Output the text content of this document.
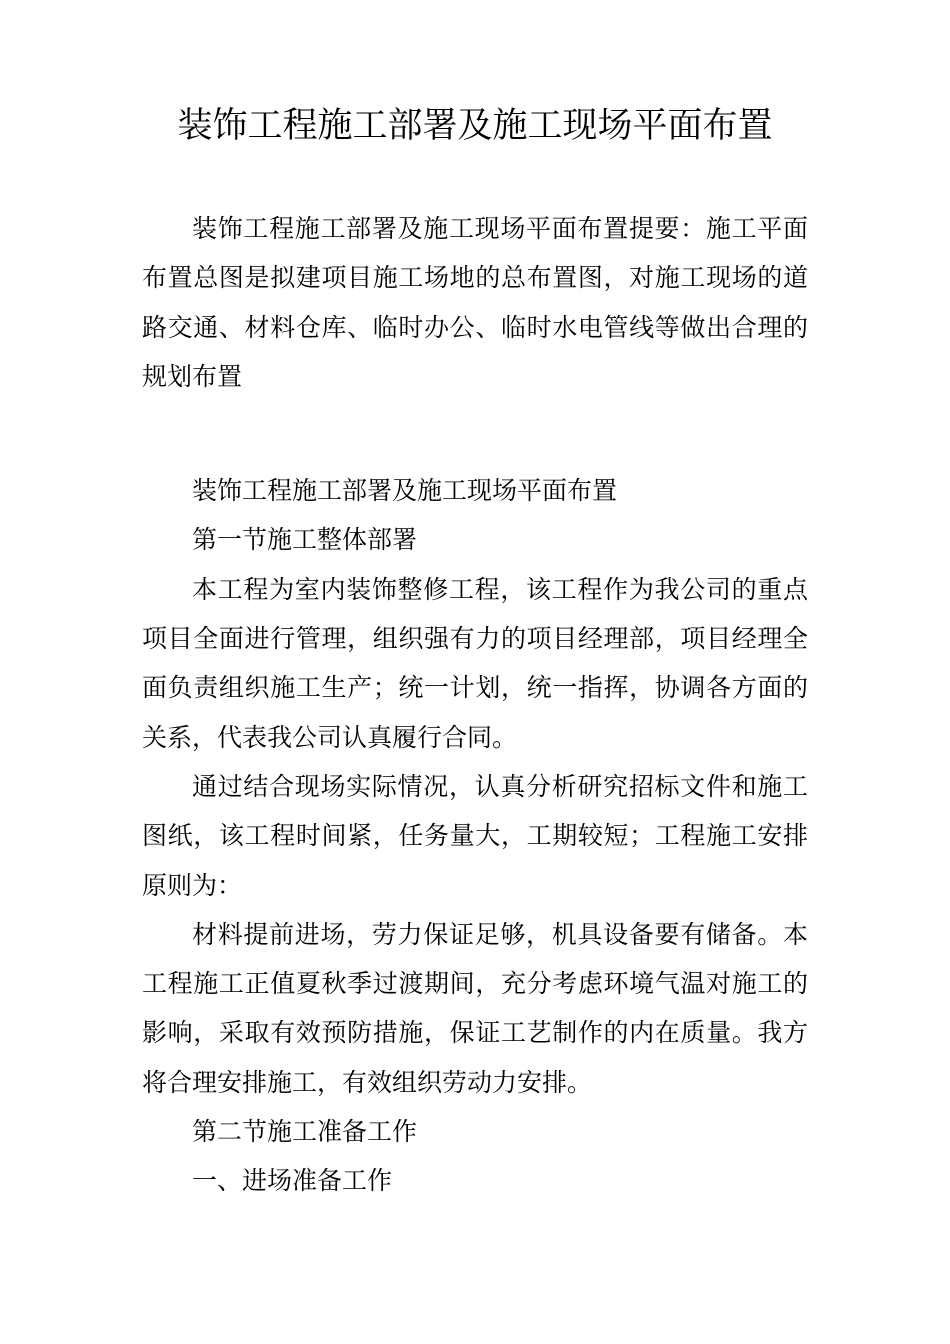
装饰工程施工部署及施工现场平面布置

装饰工程施工部署及施工现场平面布置提要：施工平面布置总图是拟建项目施工场地的总布置图，对施工现场的道路交通、材料仓库、临时办公、临时水电管线等做出合理的规划布置

装饰工程施工部署及施工现场平面布置

第一节施工整体部署

本工程为室内装饰整修工程，该工程作为我公司的重点项目全面进行管理，组织强有力的项目经理部，项目经理全面负责组织施工生产；统一计划，统一指挥，协调各方面的关系，代表我公司认真履行合同。

通过结合现场实际情况，认真分析研究招标文件和施工图纸，该工程时间紧，任务量大，工期较短；工程施工安排原则为：

材料提前进场，劳力保证足够，机具设备要有储备。本工程施工正值夏秋季过渡期间，充分考虑环境气温对施工的影响，采取有效预防措施，保证工艺制作的内在质量。我方将合理安排施工，有效组织劳动力安排。

第二节施工准备工作

一、进场准备工作
